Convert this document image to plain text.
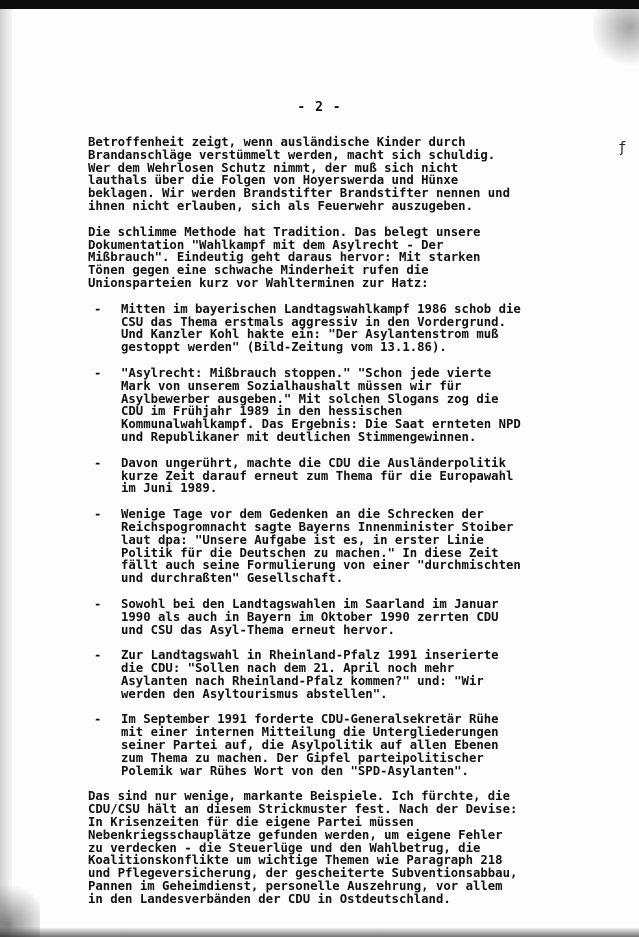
ƒ
- 2 -

Betroffenheit zeigt, wenn ausländische Kinder durch
Brandanschläge verstümmelt werden, macht sich schuldig.
Wer dem Wehrlosen Schutz nimmt, der muß sich nicht
lauthals über die Folgen von Hoyerswerda und Hünxe
beklagen. Wir werden Brandstifter Brandstifter nennen und
ihnen nicht erlauben, sich als Feuerwehr auszugeben.

Die schlimme Methode hat Tradition. Das belegt unsere
Dokumentation "Wahlkampf mit dem Asylrecht - Der
Mißbrauch". Eindeutig geht daraus hervor: Mit starken
Tönen gegen eine schwache Minderheit rufen die
Unionsparteien kurz vor Wahlterminen zur Hatz:

- Mitten im bayerischen Landtagswahlkampf 1986 schob die
CSU das Thema erstmals aggressiv in den Vordergrund.
Und Kanzler Kohl hakte ein: "Der Asylantenstrom muß
gestoppt werden" (Bild-Zeitung vom 13.1.86).
- "Asylrecht: Mißbrauch stoppen." "Schon jede vierte
Mark von unserem Sozialhaushalt müssen wir für
Asylbewerber ausgeben." Mit solchen Slogans zog die
CDU im Frühjahr 1989 in den hessischen
Kommunalwahlkampf. Das Ergebnis: Die Saat ernteten NPD
und Republikaner mit deutlichen Stimmengewinnen.
- Davon ungerührt, machte die CDU die Ausländerpolitik
kurze Zeit darauf erneut zum Thema für die Europawahl
im Juni 1989.
- Wenige Tage vor dem Gedenken an die Schrecken der
Reichspogromnacht sagte Bayerns Innenminister Stoiber
laut dpa: "Unsere Aufgabe ist es, in erster Linie
Politik für die Deutschen zu machen." In diese Zeit
fällt auch seine Formulierung von einer "durchmischten
und durchraßten" Gesellschaft.
- Sowohl bei den Landtagswahlen im Saarland im Januar
1990 als auch in Bayern im Oktober 1990 zerrten CDU
und CSU das Asyl-Thema erneut hervor.
- Zur Landtagswahl in Rheinland-Pfalz 1991 inserierte
die CDU: "Sollen nach dem 21. April noch mehr
Asylanten nach Rheinland-Pfalz kommen?" und: "Wir
werden den Asyltourismus abstellen".
- Im September 1991 forderte CDU-Generalsekretär Rühe
mit einer internen Mitteilung die Untergliederungen
seiner Partei auf, die Asylpolitik auf allen Ebenen
zum Thema zu machen. Der Gipfel parteipolitischer
Polemik war Rühes Wort von den "SPD-Asylanten".

Das sind nur wenige, markante Beispiele. Ich fürchte, die
CDU/CSU hält an diesem Strickmuster fest. Nach der Devise:
In Krisenzeiten für die eigene Partei müssen
Nebenkriegsschauplätze gefunden werden, um eigene Fehler
zu verdecken - die Steuerlüge und den Wahlbetrug, die
Koalitionskonflikte um wichtige Themen wie Paragraph 218
und Pflegeversicherung, der gescheiterte Subventionsabbau,
Pannen im Geheimdienst, personelle Auszehrung, vor allem
in den Landesverbänden der CDU in Ostdeutschland.
